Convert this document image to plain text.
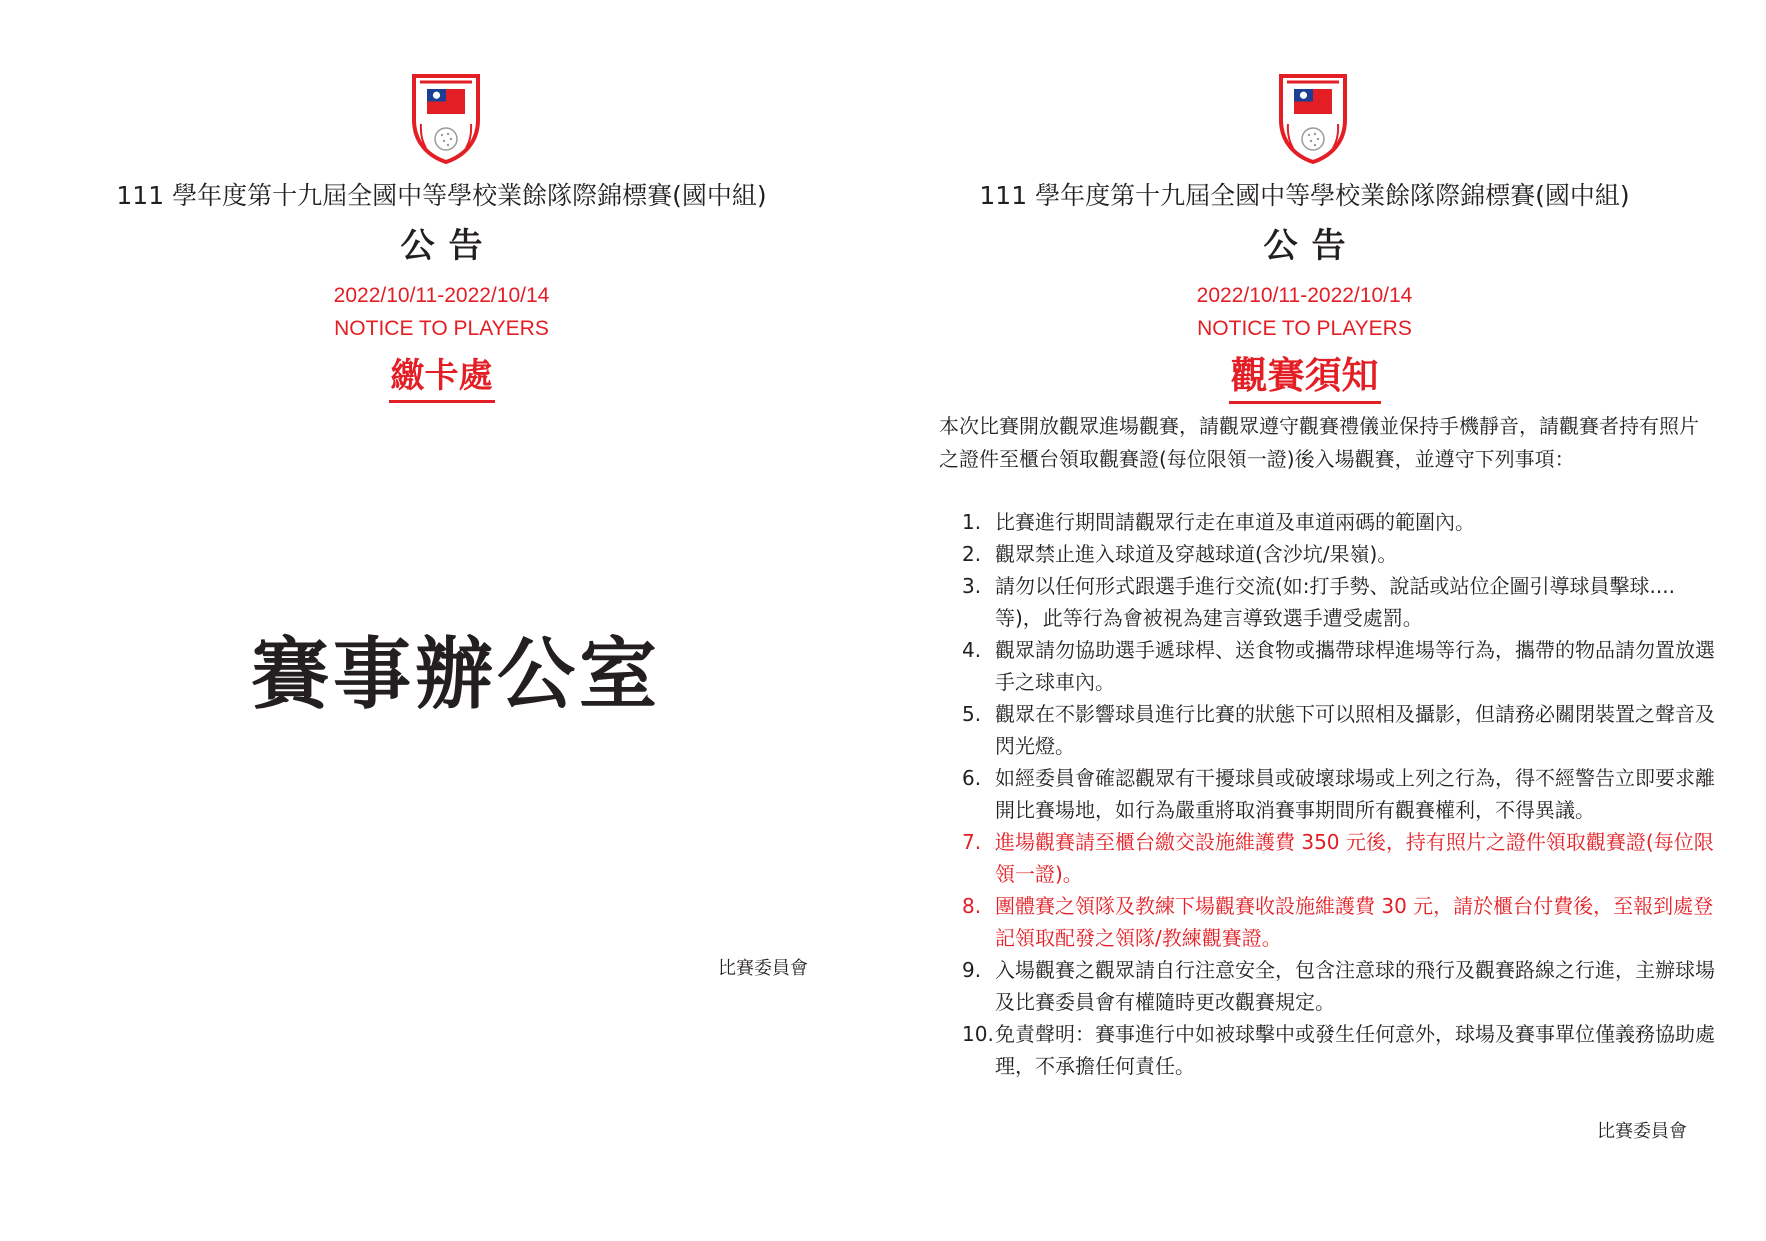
111 學年度第十九屆全國中等學校業餘隊際錦標賽(國中組)
公告
2022/10/11-2022/10/14
NOTICE TO PLAYERS
繳卡處
賽事辦公室
比賽委員會
111 學年度第十九屆全國中等學校業餘隊際錦標賽(國中組)
公告
2022/10/11-2022/10/14
NOTICE TO PLAYERS
觀賽須知
本次比賽開放觀眾進場觀賽，請觀眾遵守觀賽禮儀並保持手機靜音，請觀賽者持有照片之證件至櫃台領取觀賽證(每位限領一證)後入場觀賽，並遵守下列事項：
1. 比賽進行期間請觀眾行走在車道及車道兩碼的範圍內。
2. 觀眾禁止進入球道及穿越球道(含沙坑/果嶺)。
3. 請勿以任何形式跟選手進行交流(如:打手勢、說話或站位企圖引導球員擊球....等)，此等行為會被視為建言導致選手遭受處罰。
4. 觀眾請勿協助選手遞球桿、送食物或攜帶球桿進場等行為，攜帶的物品請勿置放選手之球車內。
5. 觀眾在不影響球員進行比賽的狀態下可以照相及攝影，但請務必關閉裝置之聲音及閃光燈。
6. 如經委員會確認觀眾有干擾球員或破壞球場或上列之行為，得不經警告立即要求離開比賽場地，如行為嚴重將取消賽事期間所有觀賽權利，不得異議。
7. 進場觀賽請至櫃台繳交設施維護費 350 元後，持有照片之證件領取觀賽證(每位限領一證)。
8. 團體賽之領隊及教練下場觀賽收設施維護費 30 元，請於櫃台付費後，至報到處登記領取配發之領隊/教練觀賽證。
9. 入場觀賽之觀眾請自行注意安全，包含注意球的飛行及觀賽路線之行進，主辦球場及比賽委員會有權隨時更改觀賽規定。
10. 免責聲明：賽事進行中如被球擊中或發生任何意外，球場及賽事單位僅義務協助處理，不承擔任何責任。
比賽委員會
